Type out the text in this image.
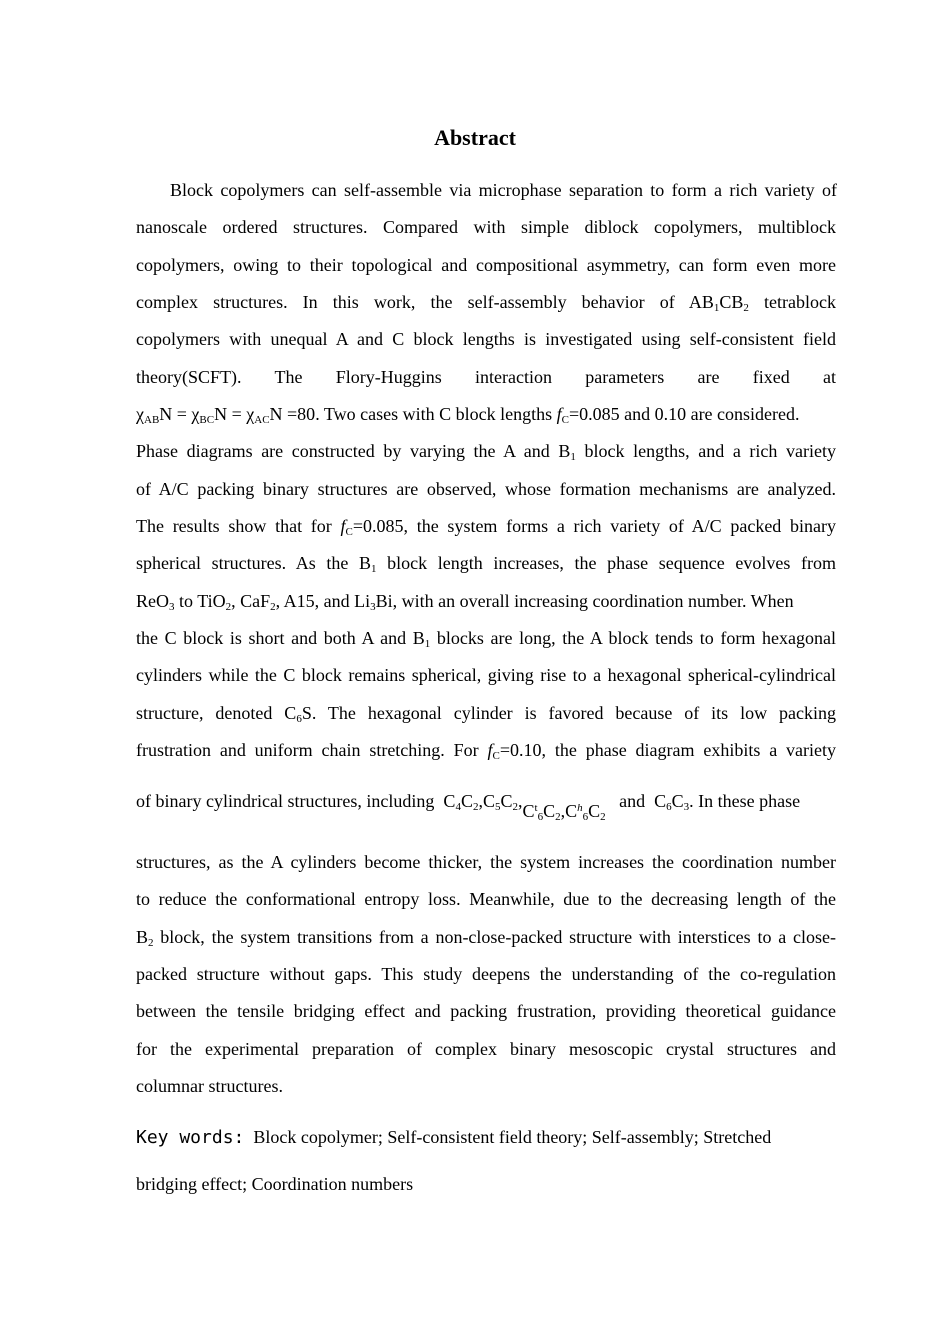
Abstract
Block copolymers can self-assemble via microphase separation to form a rich variety of
nanoscale ordered structures. Compared with simple diblock copolymers, multiblock
copolymers, owing to their topological and compositional asymmetry, can form even more
complex structures. In this work, the self-assembly behavior of $AB_1CB_2$ tetrablock
copolymers with unequal A and C block lengths is investigated using self-consistent field
theory(SCFT). The Flory-Huggins interaction parameters are fixed at
$\chi_{AB}N = \chi_{BC}N = \chi_{AC}N =80$. Two cases with C block lengths $f_C=0.085$ and 0.10 are considered.
Phase diagrams are constructed by varying the A and $B_1$ block lengths, and a rich variety
of A/C packing binary structures are observed, whose formation mechanisms are analyzed.
The results show that for $f_C=0.085$, the system forms a rich variety of A/C packed binary
spherical structures. As the $B_1$ block length increases, the phase sequence evolves from
ReO$_3$ to TiO$_2$, CaF$_2$, A15, and $Li_3Bi$, with an overall increasing coordination number. When
the C block is short and both A and $B_1$ blocks are long, the A block tends to form hexagonal
cylinders while the C block remains spherical, giving rise to a hexagonal spherical-cylindrical
structure, denoted $C_6S$. The hexagonal cylinder is favored because of its low packing
frustration and uniform chain stretching. For $f_C=0.10$, the phase diagram exhibits a variety
of binary cylindrical structures, including $C_4C_2,C_5C_2,C^t_6C_2,C^h_6C_2$   and $C_6C_3$. In these phase
structures, as the A cylinders become thicker, the system increases the coordination number
to reduce the conformational entropy loss. Meanwhile, due to the decreasing length of the
$B_2$ block, the system transitions from a non-close-packed structure with interstices to a close-
packed structure without gaps. This study deepens the understanding of the co-regulation
between the tensile bridging effect and packing frustration, providing theoretical guidance
for the experimental preparation of complex binary mesoscopic crystal structures and
columnar structures.
Key words: Block copolymer; Self-consistent field theory; Self-assembly; Stretched
bridging effect; Coordination numbers
